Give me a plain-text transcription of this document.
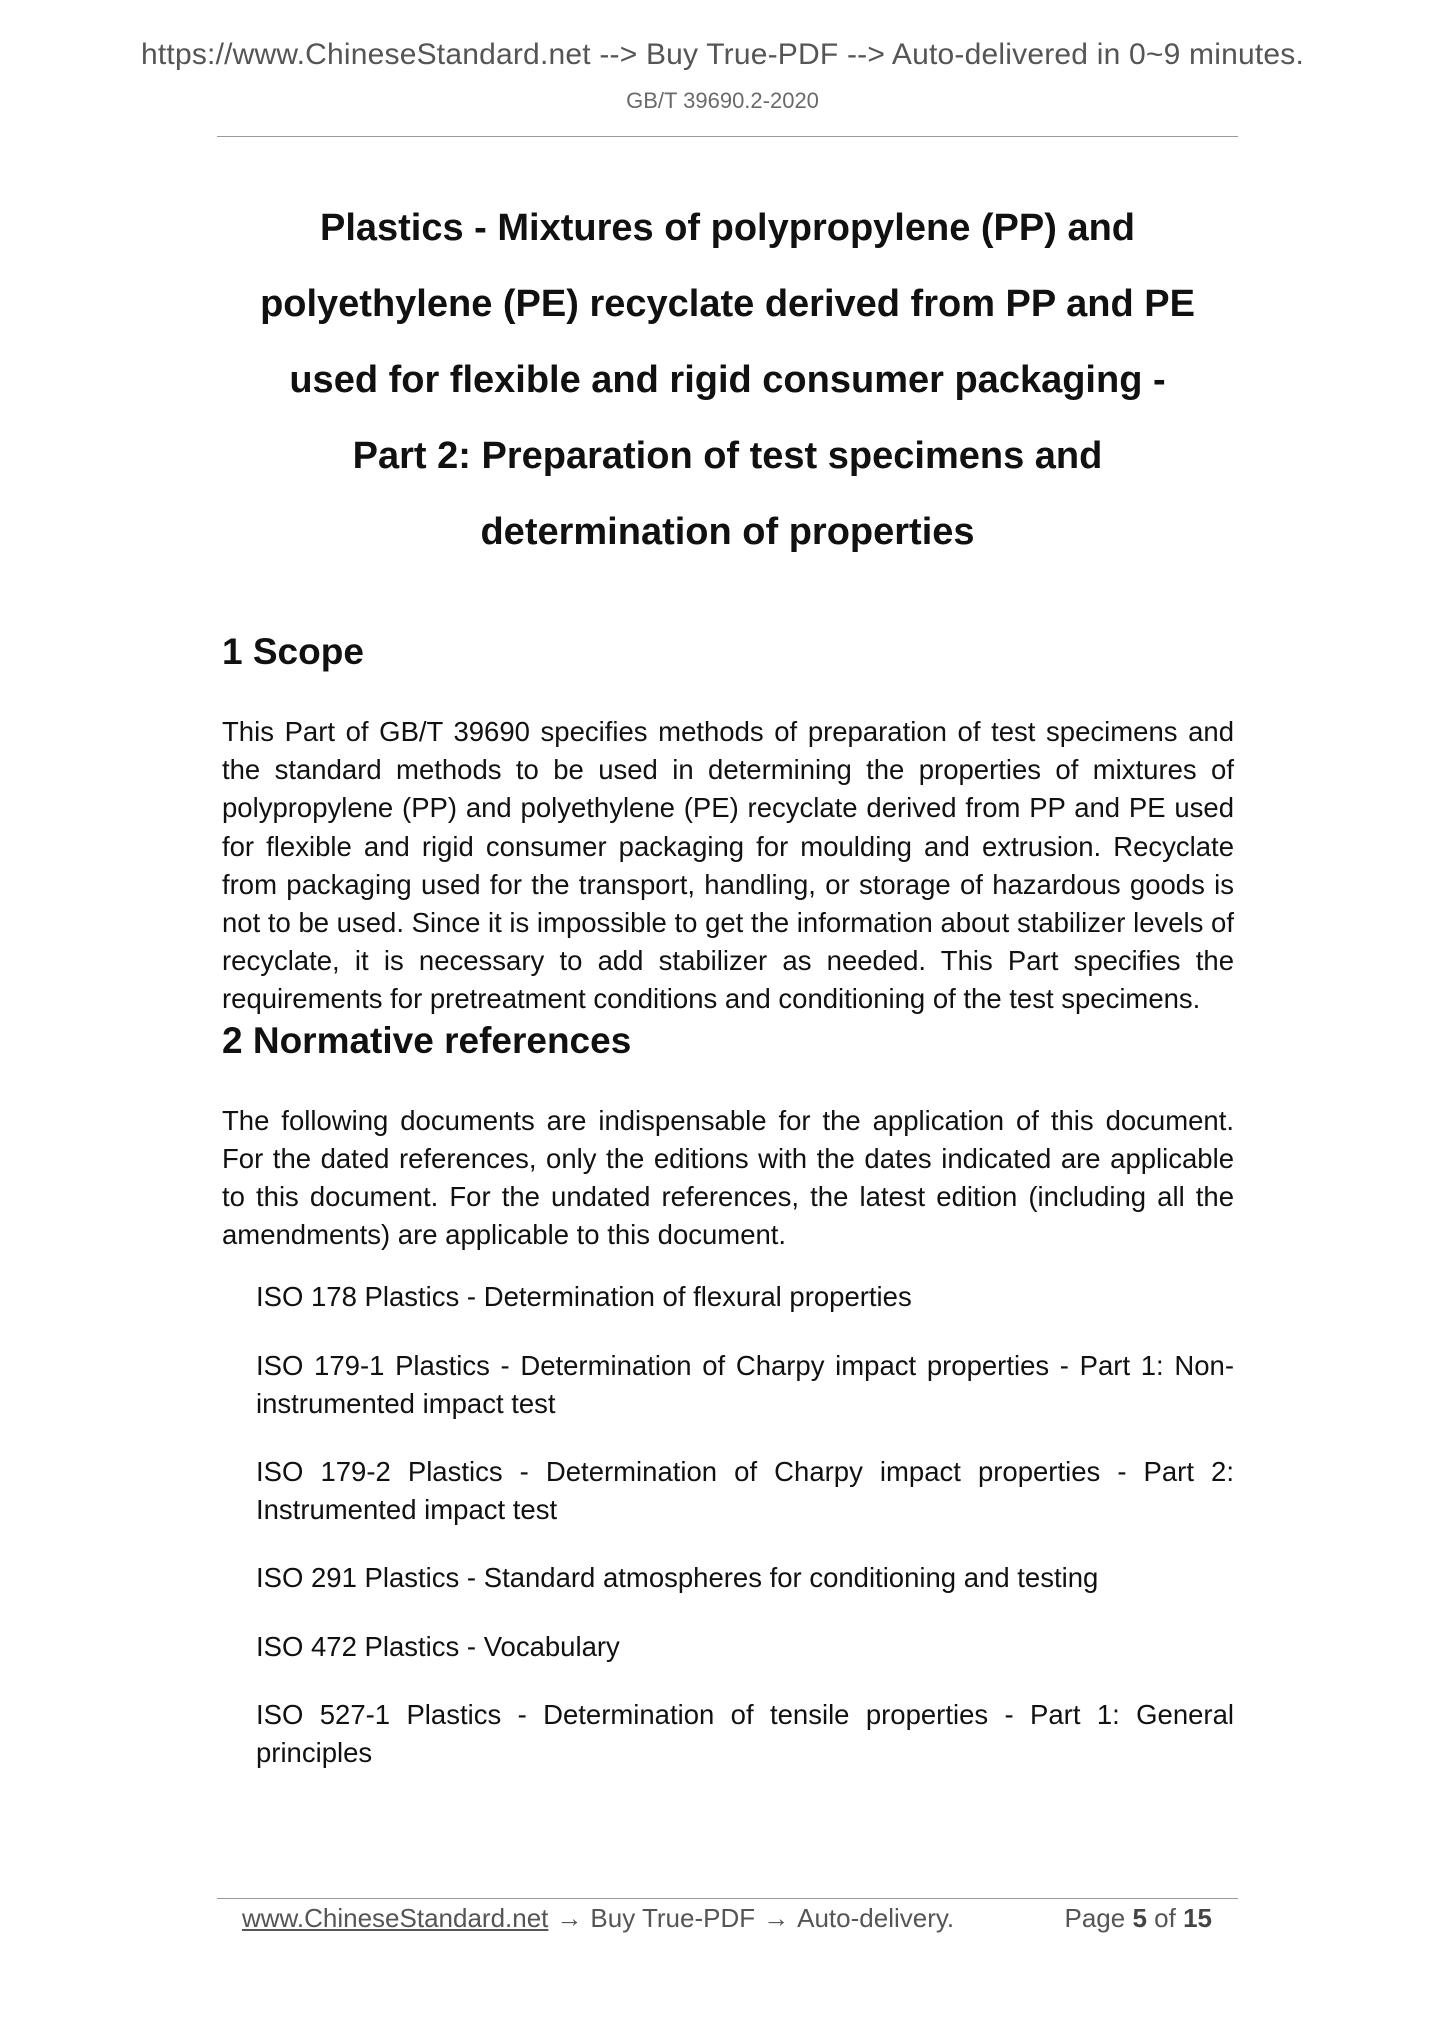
https://www.ChineseStandard.net --> Buy True-PDF --> Auto-delivered in 0~9 minutes.
GB/T 39690.2-2020
Plastics - Mixtures of polypropylene (PP) and
polyethylene (PE) recyclate derived from PP and PE
used for flexible and rigid consumer packaging -
Part 2: Preparation of test specimens and
determination of properties
1 Scope

This Part of GB/T 39690 specifies methods of preparation of test specimens and the standard methods to be used in determining the properties of mixtures of polypropylene (PP) and polyethylene (PE) recyclate derived from PP and PE used for flexible and rigid consumer packaging for moulding and extrusion. Recyclate from packaging used for the transport, handling, or storage of hazardous goods is not to be used. Since it is impossible to get the information about stabilizer levels of recyclate, it is necessary to add stabilizer as needed. This Part specifies the requirements for pretreatment conditions and conditioning of the test specimens.

2 Normative references

The following documents are indispensable for the application of this document. For the dated references, only the editions with the dates indicated are applicable to this document. For the undated references, the latest edition (including all the amendments) are applicable to this document.

ISO 178 Plastics - Determination of flexural properties
ISO 179-1 Plastics - Determination of Charpy impact properties - Part 1: Non-instrumented impact test
ISO 179-2 Plastics - Determination of Charpy impact properties - Part 2: Instrumented impact test
ISO 291 Plastics - Standard atmospheres for conditioning and testing
ISO 472 Plastics - Vocabulary
ISO 527-1 Plastics - Determination of tensile properties - Part 1: General principles
www.ChineseStandard.net → Buy True-PDF → Auto-delivery.	Page 5 of 15
